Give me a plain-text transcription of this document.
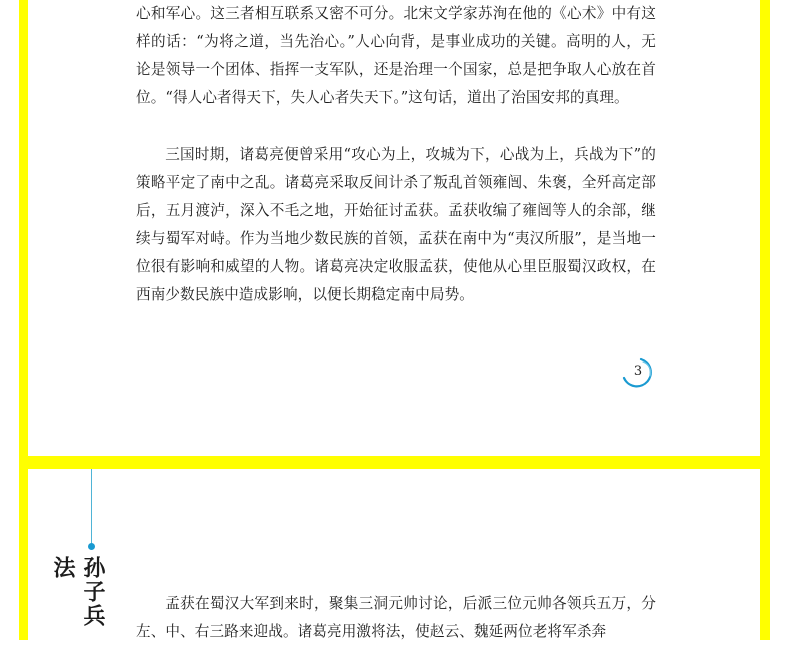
心和军心。这三者相互联系又密不可分。北宋文学家苏洵在他的《心术》中有这样的话：“为将之道，当先治心。”人心向背，是事业成功的关键。高明的人，无论是领导一个团体、指挥一支军队，还是治理一个国家，总是把争取人心放在首位。“得人心者得天下，失人心者失天下。”这句话，道出了治国安邦的真理。

三国时期，诸葛亮便曾采用“攻心为上，攻城为下，心战为上，兵战为下”的策略平定了南中之乱。诸葛亮采取反间计杀了叛乱首领雍闿、朱褒，全歼高定部后，五月渡泸，深入不毛之地，开始征讨孟获。孟获收编了雍闿等人的余部，继续与蜀军对峙。作为当地少数民族的首领，孟获在南中为“夷汉所服”，是当地一位很有影响和威望的人物。诸葛亮决定收服孟获，使他从心里臣服蜀汉政权，在西南少数民族中造成影响，以便长期稳定南中局势。

3
孙子兵法

孟获在蜀汉大军到来时，聚集三洞元帅讨论，后派三位元帅各领兵五万，分左、中、右三路来迎战。诸葛亮用激将法，使赵云、魏延两位老将军杀奔
